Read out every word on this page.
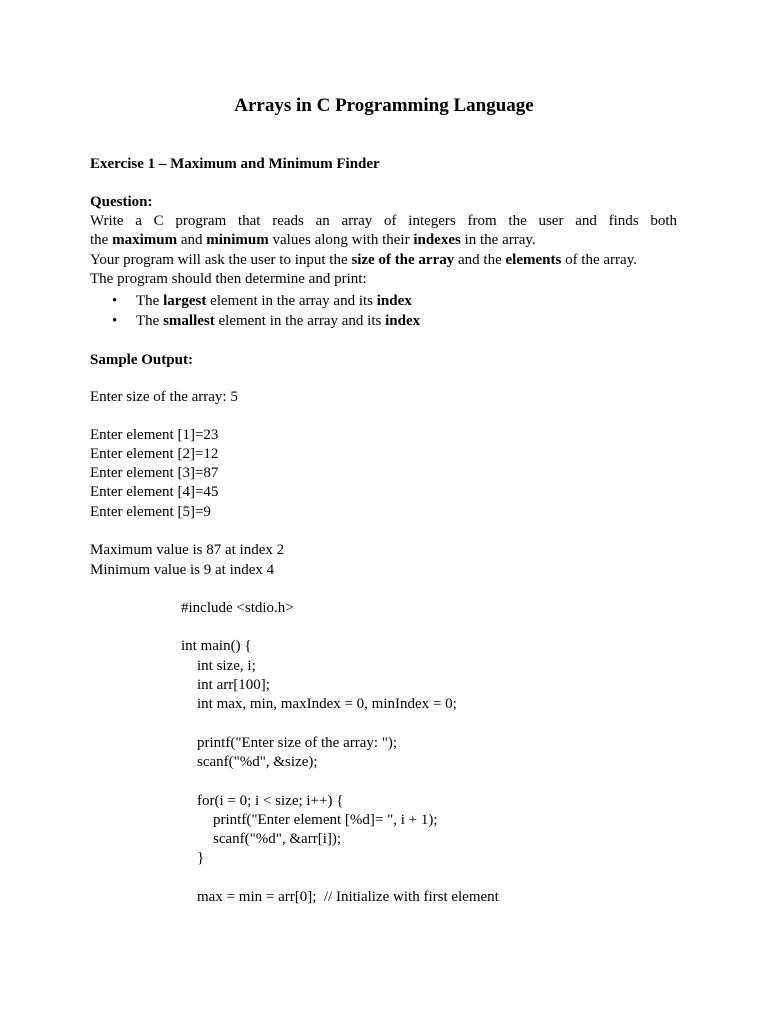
Arrays in C Programming Language

Exercise 1 – Maximum and Minimum Finder

Question:

Write a C program that reads an array of integers from the user and finds both

the maximum and minimum values along with their indexes in the array.

Your program will ask the user to input the size of the array and the elements of the array.

The program should then determine and print:

• The largest element in the array and its index
• The smallest element in the array and its index

Sample Output:

Enter size of the array: 5

Enter element [1]=23

Enter element [2]=12

Enter element [3]=87

Enter element [4]=45

Enter element [5]=9

Maximum value is 87 at index 2

Minimum value is 9 at index 4

#include <stdio.h>

int main() {

int size, i;

int arr[100];

int max, min, maxIndex = 0, minIndex = 0;

printf("Enter size of the array: ");

scanf("%d", &size);

for(i = 0; i < size; i++) {

printf("Enter element [%d]= ", i + 1);

scanf("%d", &arr[i]);

}

max = min = arr[0];  // Initialize with first element
